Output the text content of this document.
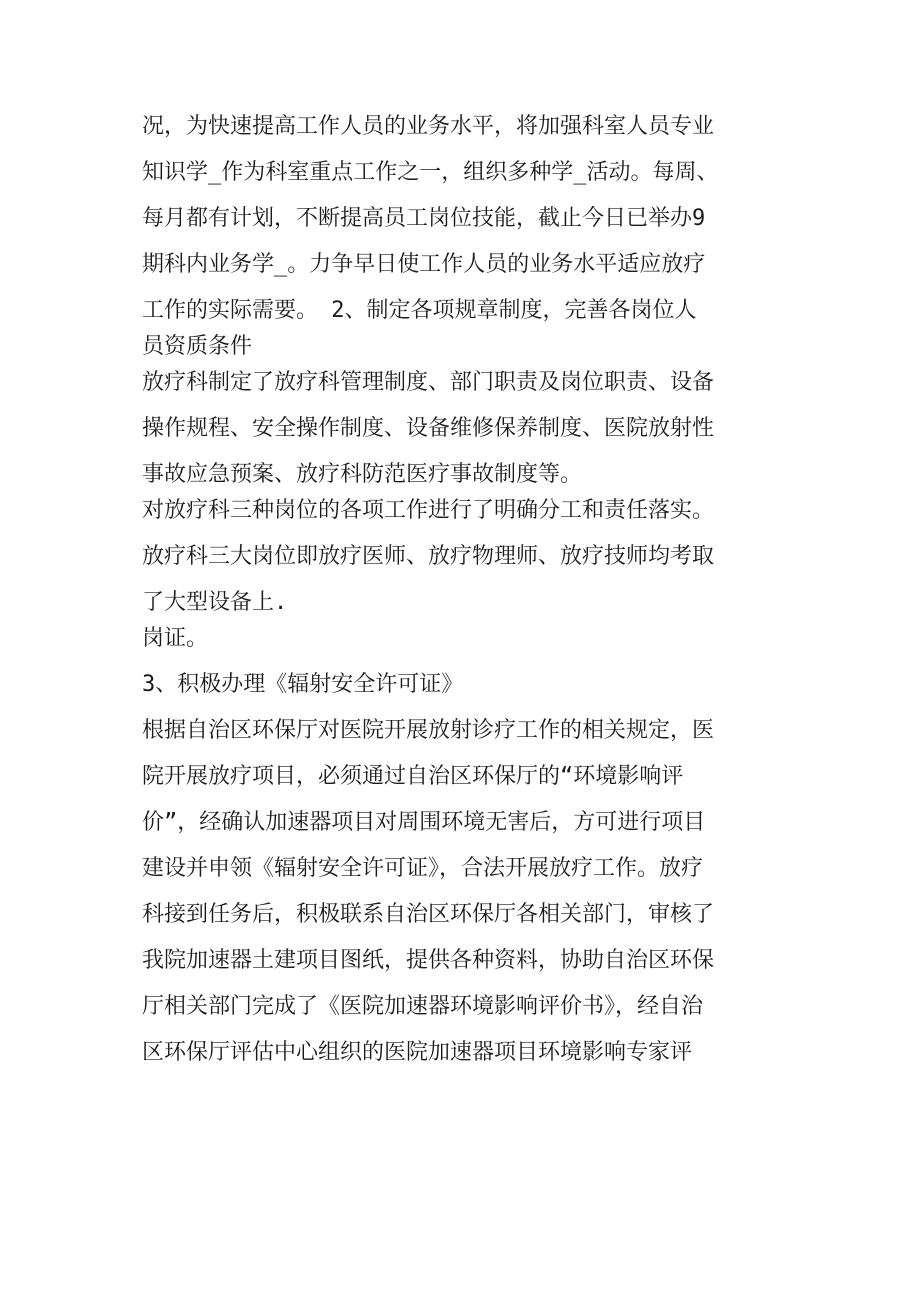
况，为快速提高工作人员的业务水平，将加强科室人员专业
知识学_作为科室重点工作之一，组织多种学_活动。每周、
每月都有计划，不断提高员工岗位技能，截止今日已举办9
期科内业务学_。力争早日使工作人员的业务水平适应放疗
工作的实际需要。 2、制定各项规章制度，完善各岗位人
员资质条件
放疗科制定了放疗科管理制度、部门职责及岗位职责、设备
操作规程、安全操作制度、设备维修保养制度、医院放射性
事故应急预案、放疗科防范医疗事故制度等。
对放疗科三种岗位的各项工作进行了明确分工和责任落实。
放疗科三大岗位即放疗医师、放疗物理师、放疗技师均考取
了大型设备上.
岗证。
3、积极办理《辐射安全许可证》
根据自治区环保厅对医院开展放射诊疗工作的相关规定，医
院开展放疗项目，必须通过自治区环保厅的“环境影响评
价”，经确认加速器项目对周围环境无害后，方可进行项目
建设并申领《辐射安全许可证》，合法开展放疗工作。放疗
科接到任务后，积极联系自治区环保厅各相关部门，审核了
我院加速器土建项目图纸，提供各种资料，协助自治区环保
厅相关部门完成了《医院加速器环境影响评价书》，经自治
区环保厅评估中心组织的医院加速器项目环境影响专家评
